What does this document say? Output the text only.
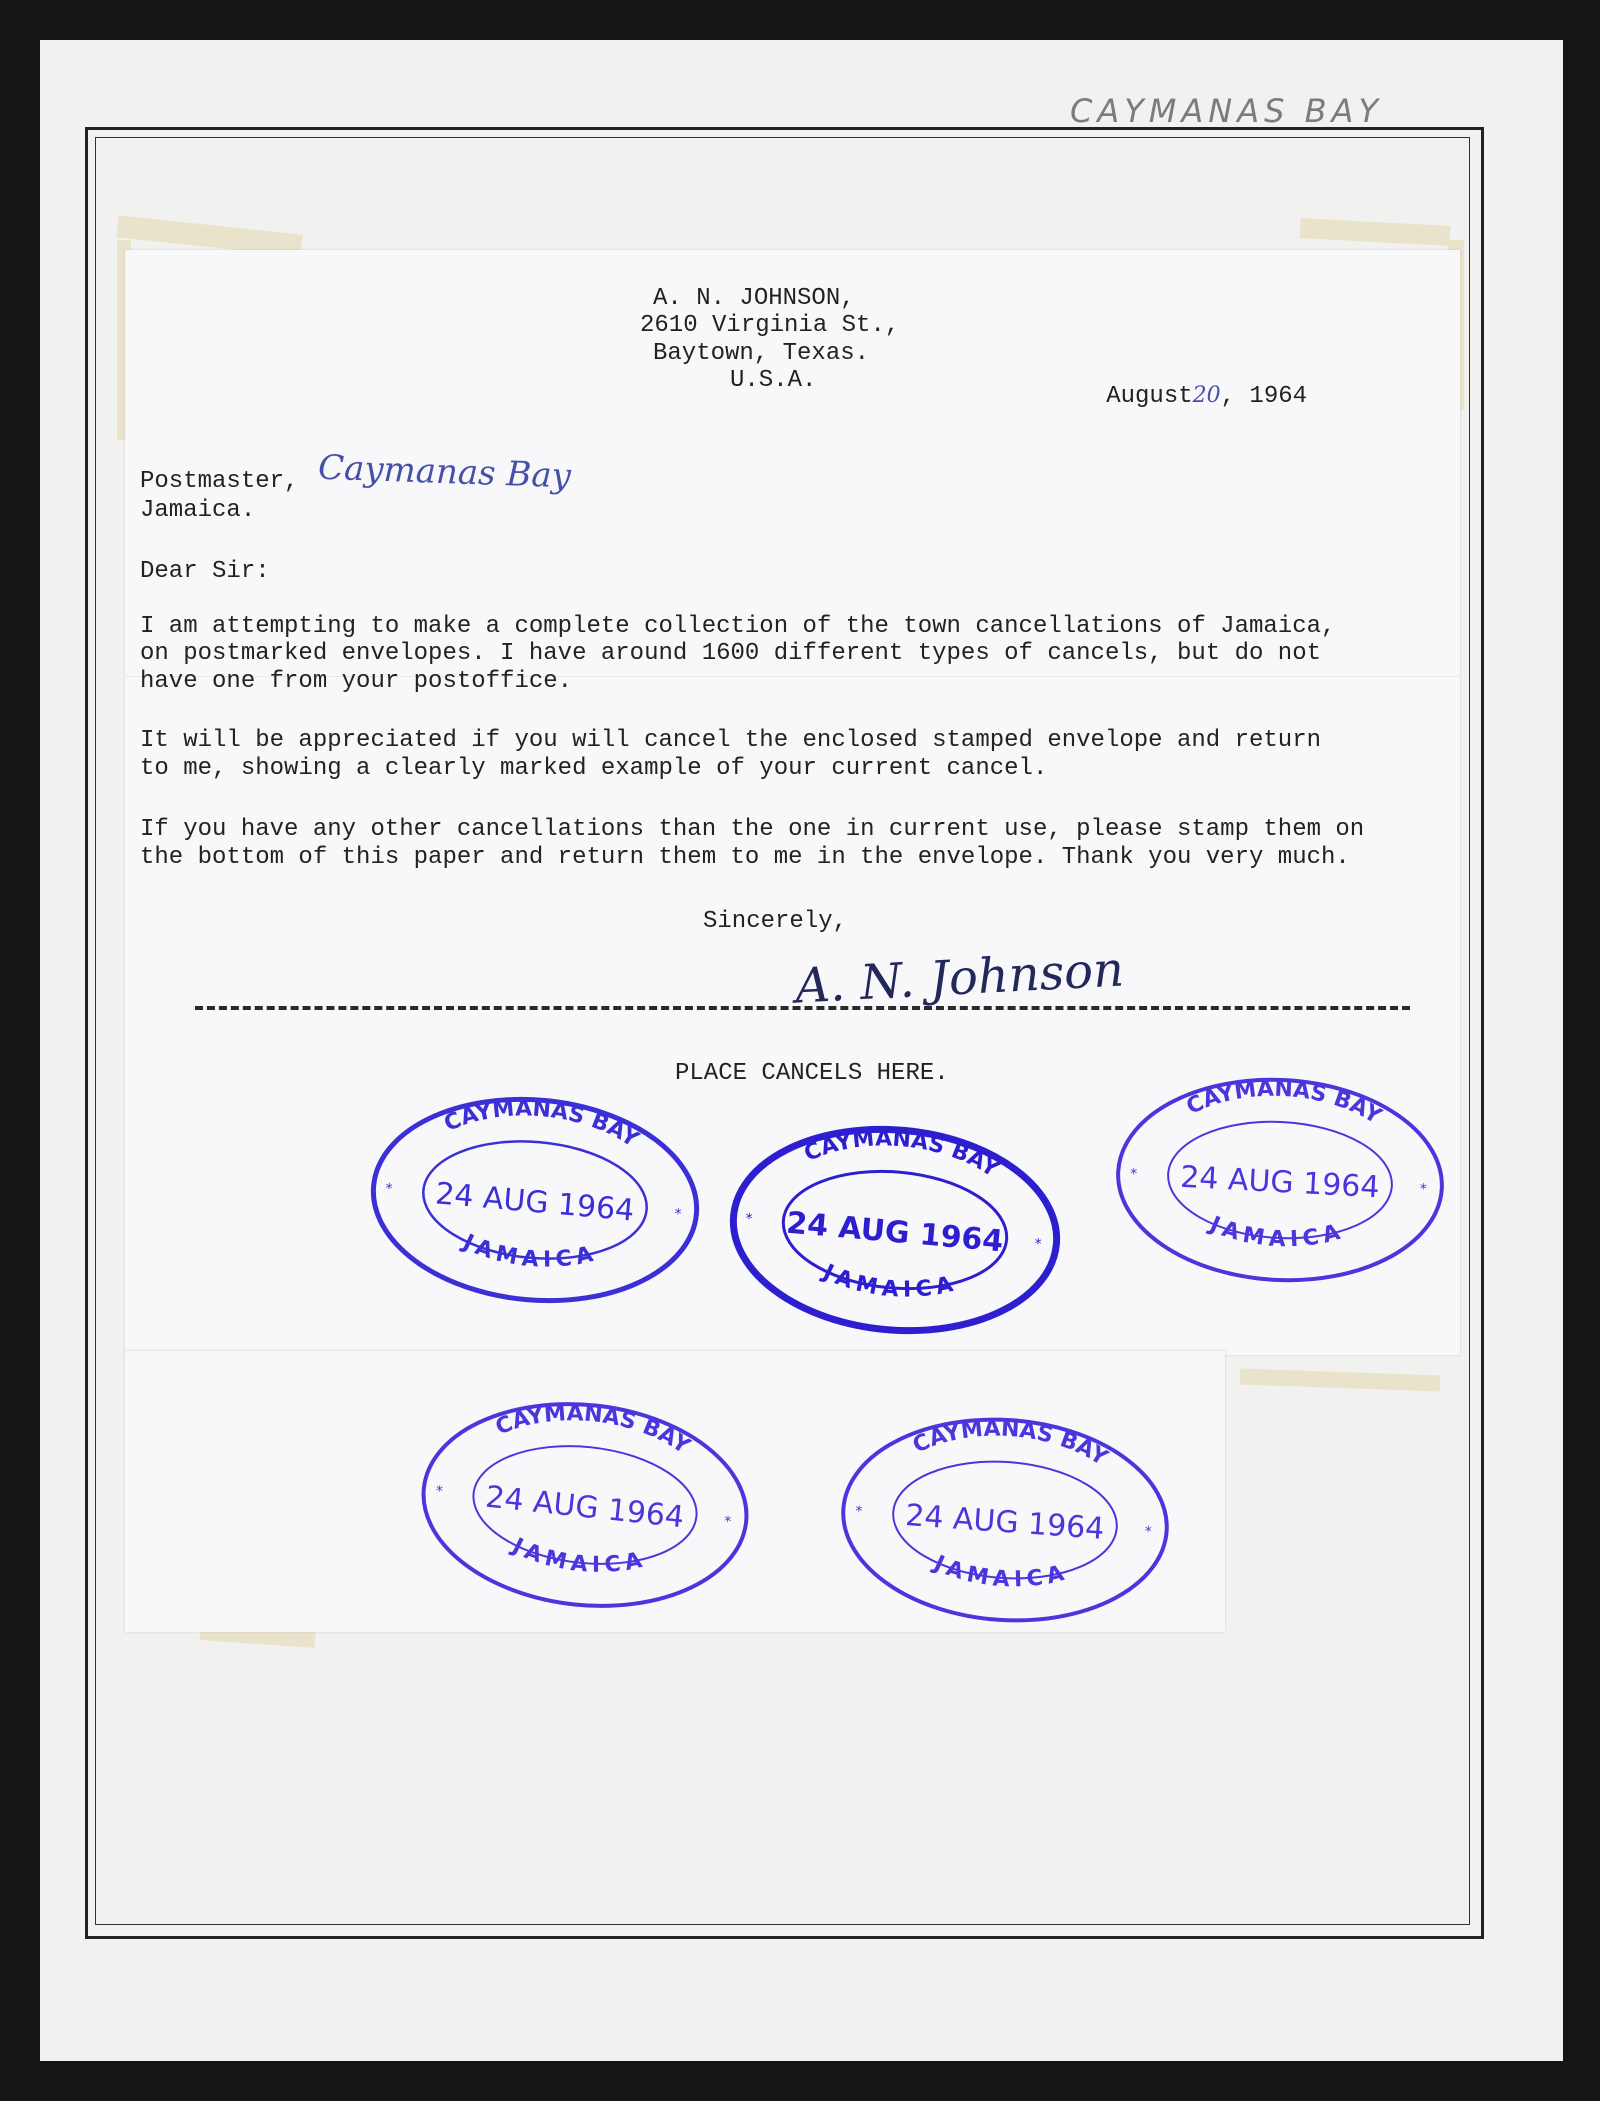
CAYMANAS BAY
A. N. JOHNSON,
2610 Virginia St.,
Baytown, Texas.
U.S.A.

August20, 1964

Postmaster, Caymanas Bay
Jamaica.
Dear Sir:
I am attempting to make a complete collection of the town cancellations of Jamaica,
on postmarked envelopes. I have around 1600 different types of cancels, but do not
have one from your postoffice.
It will be appreciated if you will cancel the enclosed stamped envelope and return
to me, showing a clearly marked example of your current cancel.
If you have any other cancellations than the one in current use, please stamp them on
the bottom of this paper and return them to me in the envelope. Thank you very much.
Sincerely,
A. N. Johnson
PLACE CANCELS HERE.
CAYMANAS BAY
JAMAICA
24 AUG 1964
*
*
CAYMANAS BAY
JAMAICA
24 AUG 1964
*
*
CAYMANAS BAY
JAMAICA
24 AUG 1964
*
*
CAYMANAS BAY
JAMAICA
24 AUG 1964
*
*
CAYMANAS BAY
JAMAICA
24 AUG 1964
*
*
